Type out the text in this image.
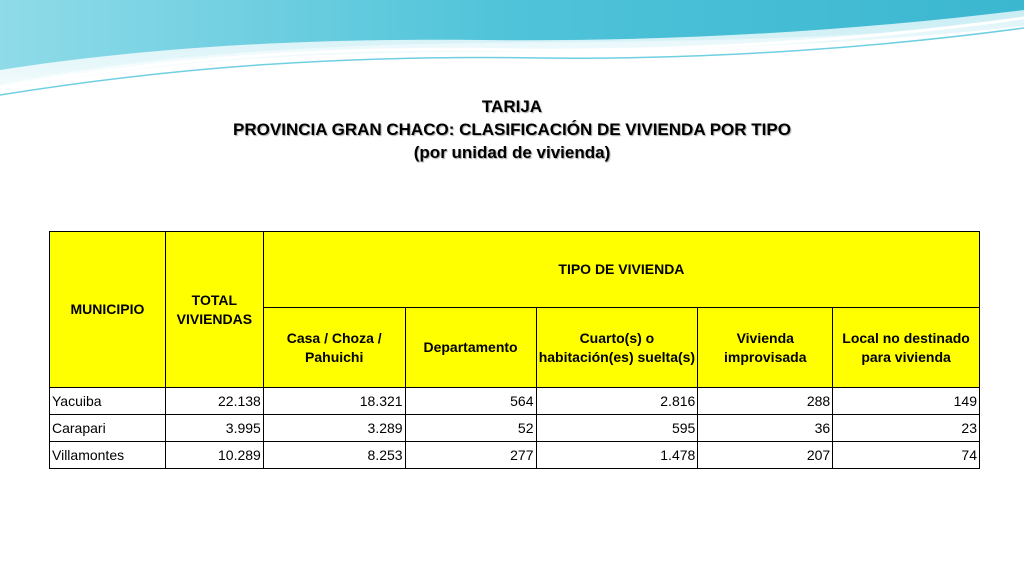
TARIJA
PROVINCIA GRAN CHACO: CLASIFICACIÓN DE VIVIENDA POR TIPO
(por unidad de vivienda)
MUNICIPIO	TOTAL VIVIENDAS	TIPO DE VIVIENDA				
		Casa / Choza / Pahuichi	Departamento	Cuarto(s) o habitación(es) suelta(s)	Vivienda improvisada	Local no destinado para vivienda
Yacuiba	22.138	18.321	564	2.816	288	149
Carapari	3.995	3.289	52	595	36	23
Villamontes	10.289	8.253	277	1.478	207	74
